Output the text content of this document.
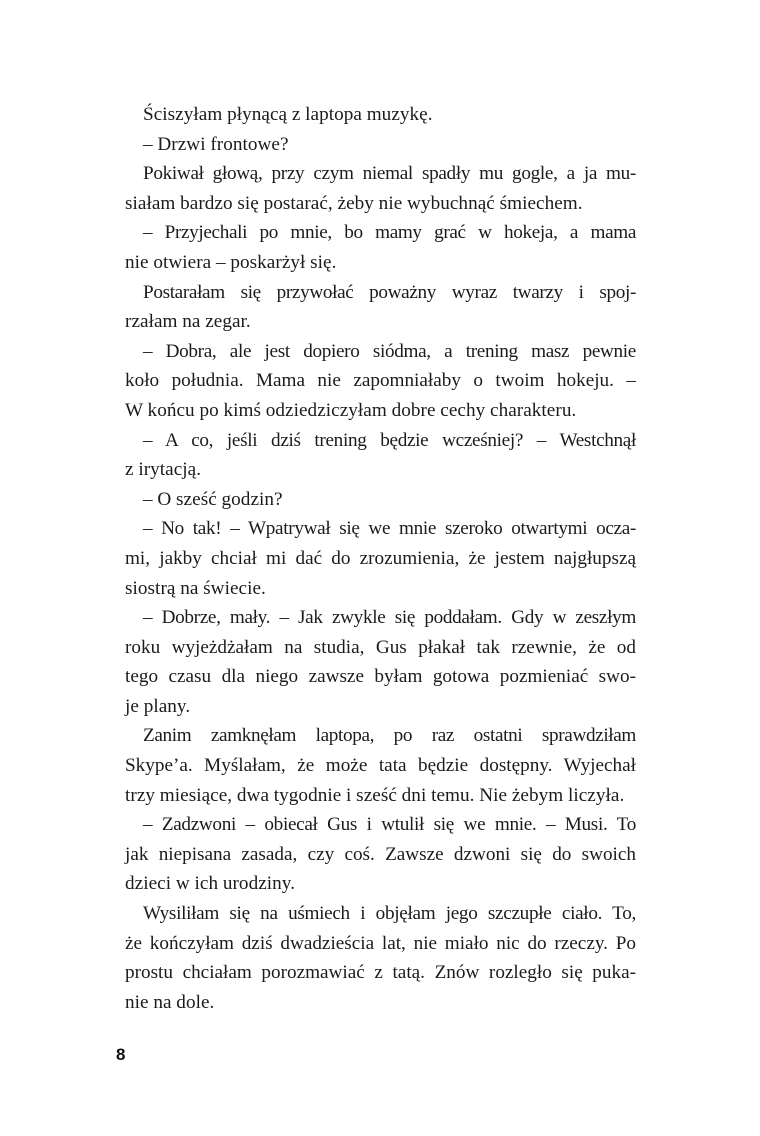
Ściszyłam płynącą z laptopa muzykę.

– Drzwi frontowe?

Pokiwał głową, przy czym niemal spadły mu gogle, a ja mu-
siałam bardzo się postarać, żeby nie wybuchnąć śmiechem.

– Przyjechali po mnie, bo mamy grać w hokeja, a mama
nie otwiera – poskarżył się.

Postarałam się przywołać poważny wyraz twarzy i spoj-
rzałam na zegar.

– Dobra, ale jest dopiero siódma, a trening masz pewnie
koło południa. Mama nie zapomniałaby o twoim hokeju. –
W końcu po kimś odziedziczyłam dobre cechy charakteru.

– A co, jeśli dziś trening będzie wcześniej? – Westchnął
z irytacją.

– O sześć godzin?

– No tak! – Wpatrywał się we mnie szeroko otwartymi ocza-
mi, jakby chciał mi dać do zrozumienia, że jestem najgłupszą
siostrą na świecie.

– Dobrze, mały. – Jak zwykle się poddałam. Gdy w zeszłym
roku wyjeżdżałam na studia, Gus płakał tak rzewnie, że od
tego czasu dla niego zawsze byłam gotowa pozmieniać swo-
je plany.

Zanim zamknęłam laptopa, po raz ostatni sprawdziłam
Skype’a. Myślałam, że może tata będzie dostępny. Wyjechał
trzy miesiące, dwa tygodnie i sześć dni temu. Nie żebym liczyła.

– Zadzwoni – obiecał Gus i wtulił się we mnie. – Musi. To
jak niepisana zasada, czy coś. Zawsze dzwoni się do swoich
dzieci w ich urodziny.

Wysiliłam się na uśmiech i objęłam jego szczupłe ciało. To,
że kończyłam dziś dwadzieścia lat, nie miało nic do rzeczy. Po
prostu chciałam porozmawiać z tatą. Znów rozległo się puka-
nie na dole.

8
